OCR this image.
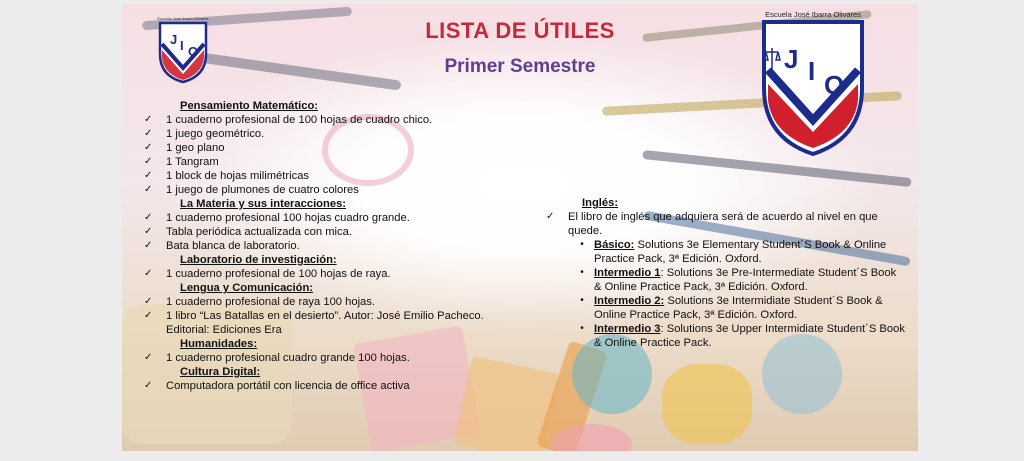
Escuela José Ibarra Olivares
J I O
Escuela José Ibarra Olivares
J I O
LISTA DE ÚTILES
Primer Semestre
Pensamiento Matemático:
✓	1 cuaderno profesional de 100 hojas de cuadro chico.
✓	1 juego geométrico.
✓	1 geo plano
✓	1 Tangram
✓	1 block de hojas milimétricas
✓	1 juego de plumones de cuatro colores
La Materia y sus interacciones:
✓	1 cuaderno profesional 100 hojas cuadro grande.
✓	Tabla periódica actualizada con mica.
✓	Bata blanca de laboratorio.
Laboratorio de investigación:
✓	1 cuaderno profesional de 100 hojas de raya.
Lengua y Comunicación:
✓	1 cuaderno profesional de raya 100 hojas.
✓	1 libro “Las Batallas en el desierto”. Autor: José Emilio Pacheco. Editorial: Ediciones Era
Humanidades:
✓	1 cuaderno profesional cuadro grande 100 hojas.
Cultura Digital:
✓	Computadora portátil con licencia de office activa
Inglés:
✓	El libro de inglés que adquiera será de acuerdo al nivel en que quede.
• Básico: Solutions 3e Elementary Student´S Book & Online Practice Pack, 3ª Edición. Oxford.
• Intermedio 1: Solutions 3e Pre-Intermediate Student´S Book & Online Practice Pack, 3ª Edición. Oxford.
• Intermedio 2: Solutions 3e Intermidiate Student´S Book & Online Practice Pack, 3ª Edición. Oxford.
• Intermedio 3: Solutions 3e Upper Intermidiate Student´S Book & Online Practice Pack.
